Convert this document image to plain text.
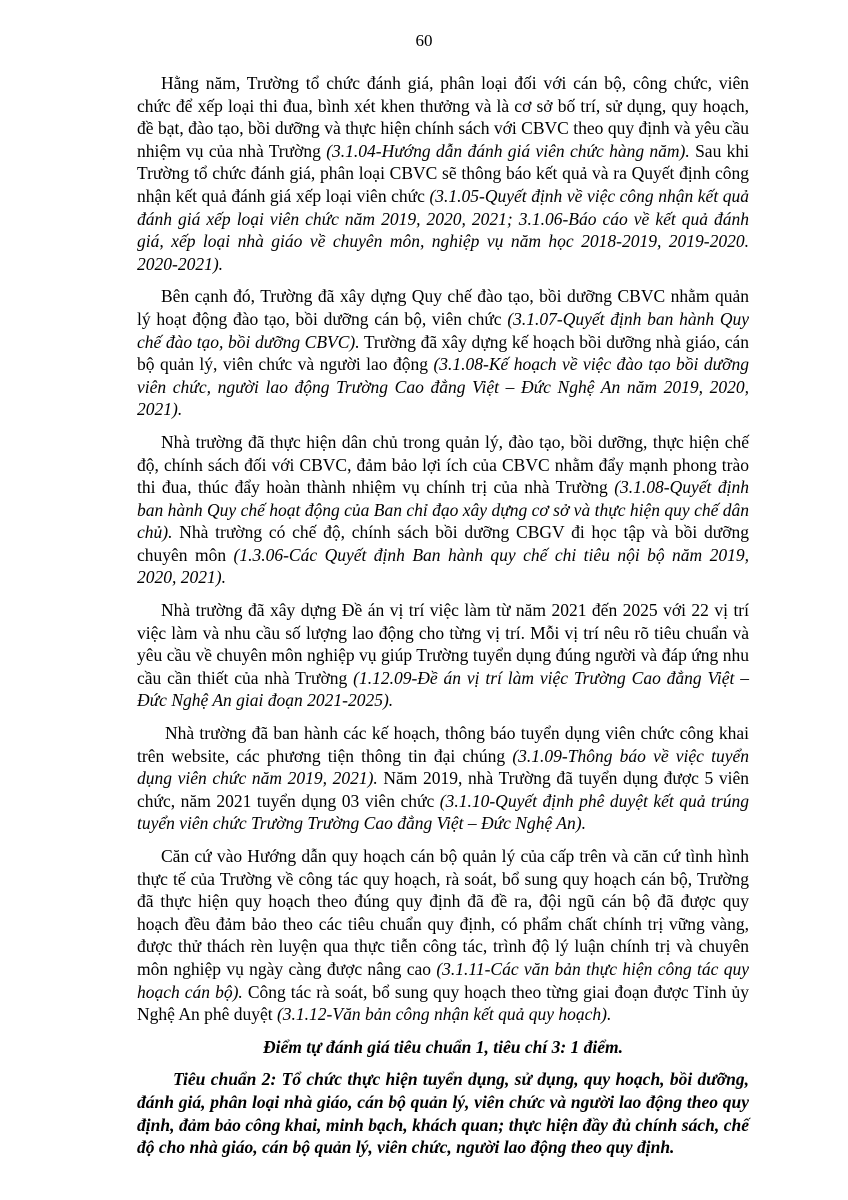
60

Hằng năm, Trường tổ chức đánh giá, phân loại đối với cán bộ, công chức, viên chức để xếp loại thi đua, bình xét khen thưởng và là cơ sở bố trí, sử dụng, quy hoạch, đề bạt, đào tạo, bồi dưỡng và thực hiện chính sách với CBVC theo quy định và yêu cầu nhiệm vụ của nhà Trường (3.1.04-Hướng dẫn đánh giá viên chức hàng năm). Sau khi Trường tổ chức đánh giá, phân loại CBVC sẽ thông báo kết quả và ra Quyết định công nhận kết quả đánh giá xếp loại viên chức (3.1.05-Quyết định về việc công nhận kết quả đánh giá xếp loại viên chức năm 2019, 2020, 2021; 3.1.06-Báo cáo về kết quả đánh giá, xếp loại nhà giáo về chuyên môn, nghiệp vụ năm học 2018-2019, 2019-2020. 2020-2021).

Bên cạnh đó, Trường đã xây dựng Quy chế đào tạo, bồi dưỡng CBVC nhằm quản lý hoạt động đào tạo, bồi dưỡng cán bộ, viên chức (3.1.07-Quyết định ban hành Quy chế đào tạo, bồi dưỡng CBVC). Trường đã xây dựng kế hoạch bồi dưỡng nhà giáo, cán bộ quản lý, viên chức và người lao động (3.1.08-Kế hoạch về việc đào tạo bồi dưỡng viên chức, người lao động Trường Cao đẳng Việt – Đức Nghệ An năm 2019, 2020, 2021).

Nhà trường đã thực hiện dân chủ trong quản lý, đào tạo, bồi dưỡng, thực hiện chế độ, chính sách đối với CBVC, đảm bảo lợi ích của CBVC nhằm đẩy mạnh phong trào thi đua, thúc đẩy hoàn thành nhiệm vụ chính trị của nhà Trường (3.1.08-Quyết định ban hành Quy chế hoạt động của Ban chỉ đạo xây dựng cơ sở và thực hiện quy chế dân chủ). Nhà trường có chế độ, chính sách bồi dưỡng CBGV đi học tập và bồi dưỡng chuyên môn (1.3.06-Các Quyết định Ban hành quy chế chi tiêu nội bộ năm 2019, 2020, 2021).

Nhà trường đã xây dựng Đề án vị trí việc làm từ năm 2021 đến 2025 với 22 vị trí việc làm và nhu cầu số lượng lao động cho từng vị trí. Mỗi vị trí nêu rõ tiêu chuẩn và yêu cầu về chuyên môn nghiệp vụ giúp Trường tuyển dụng đúng người và đáp ứng nhu cầu cần thiết của nhà Trường (1.12.09-Đề án vị trí làm việc Trường Cao đẳng Việt – Đức Nghệ An giai đoạn 2021-2025).

Nhà trường đã ban hành các kế hoạch, thông báo tuyển dụng viên chức công khai trên website, các phương tiện thông tin đại chúng (3.1.09-Thông báo về việc tuyển dụng viên chức năm 2019, 2021). Năm 2019, nhà Trường đã tuyển dụng được 5 viên chức, năm 2021 tuyển dụng 03 viên chức (3.1.10-Quyết định phê duyệt kết quả trúng tuyển viên chức Trường Trường Cao đẳng Việt – Đức Nghệ An).

Căn cứ vào Hướng dẫn quy hoạch cán bộ quản lý của cấp trên và căn cứ tình hình thực tế của Trường về công tác quy hoạch, rà soát, bổ sung quy hoạch cán bộ, Trường đã thực hiện quy hoạch theo đúng quy định đã đề ra, đội ngũ cán bộ đã được quy hoạch đều đảm bảo theo các tiêu chuẩn quy định, có phẩm chất chính trị vững vàng, được thử thách rèn luyện qua thực tiễn công tác, trình độ lý luận chính trị và chuyên môn nghiệp vụ ngày càng được nâng cao (3.1.11-Các văn bản thực hiện công tác quy hoạch cán bộ). Công tác rà soát, bổ sung quy hoạch theo từng giai đoạn được Tỉnh ủy Nghệ An phê duyệt (3.1.12-Văn bản công nhận kết quả quy hoạch).

Điểm tự đánh giá tiêu chuẩn 1, tiêu chí 3: 1 điểm.

Tiêu chuẩn 2: Tổ chức thực hiện tuyển dụng, sử dụng, quy hoạch, bồi dưỡng, đánh giá, phân loại nhà giáo, cán bộ quản lý, viên chức và người lao động theo quy định, đảm bảo công khai, minh bạch, khách quan; thực hiện đầy đủ chính sách, chế độ cho nhà giáo, cán bộ quản lý, viên chức, người lao động theo quy định.
